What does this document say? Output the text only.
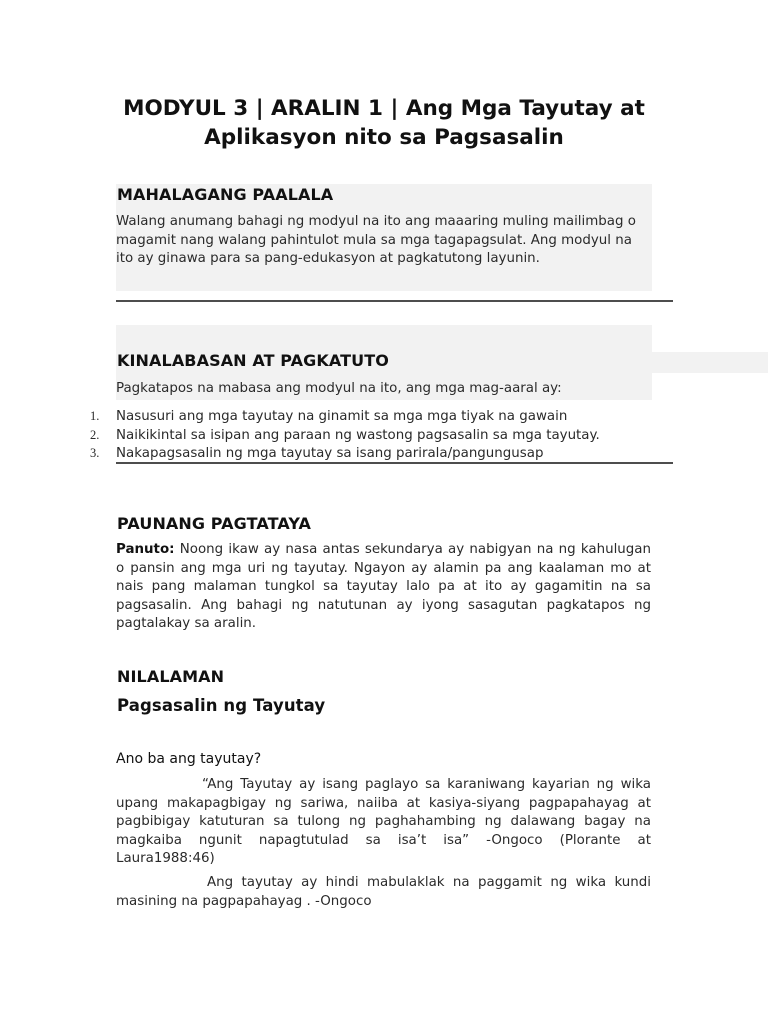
MODYUL 3 | ARALIN 1 | Ang Mga Tayutay at
Aplikasyon nito sa Pagsasalin
MAHALAGANG PAALALA
Walang anumang bahagi ng modyul na ito ang maaaring muling mailimbag o
magamit nang walang pahintulot mula sa mga tagapagsulat. Ang modyul na
ito ay ginawa para sa pang-edukasyon at pagkatutong layunin.
KINALABASAN AT PAGKATUTO
Pagkatapos na mabasa ang modyul na ito, ang mga mag-aaral ay:
1. Nasusuri ang mga tayutay na ginamit sa mga mga tiyak na gawain
2. Naikikintal sa isipan ang paraan ng wastong pagsasalin sa mga tayutay.
3. Nakapagsasalin ng mga tayutay sa isang parirala/pangungusap
PAUNANG PAGTATAYA
Panuto: Noong ikaw ay nasa antas sekundarya ay nabigyan na ng kahulugan
o pansin ang mga uri ng tayutay. Ngayon ay alamin pa ang kaalaman mo at
nais pang malaman tungkol sa tayutay lalo pa at ito ay gagamitin na sa
pagsasalin. Ang bahagi ng natutunan ay iyong sasagutan pagkatapos ng
pagtalakay sa aralin.
NILALAMAN
Pagsasalin ng Tayutay
Ano ba ang tayutay?
“Ang Tayutay ay isang paglayo sa karaniwang kayarian ng wika
upang makapagbigay ng sariwa, naiiba at kasiya-siyang pagpapahayag at
pagbibigay katuturan sa tulong ng paghahambing ng dalawang bagay na
magkaiba ngunit napagtutulad sa isa’t isa” -Ongoco (Plorante at
Laura1988:46)
Ang tayutay ay hindi mabulaklak na paggamit ng wika kundi
masining na pagpapahayag . -Ongoco
